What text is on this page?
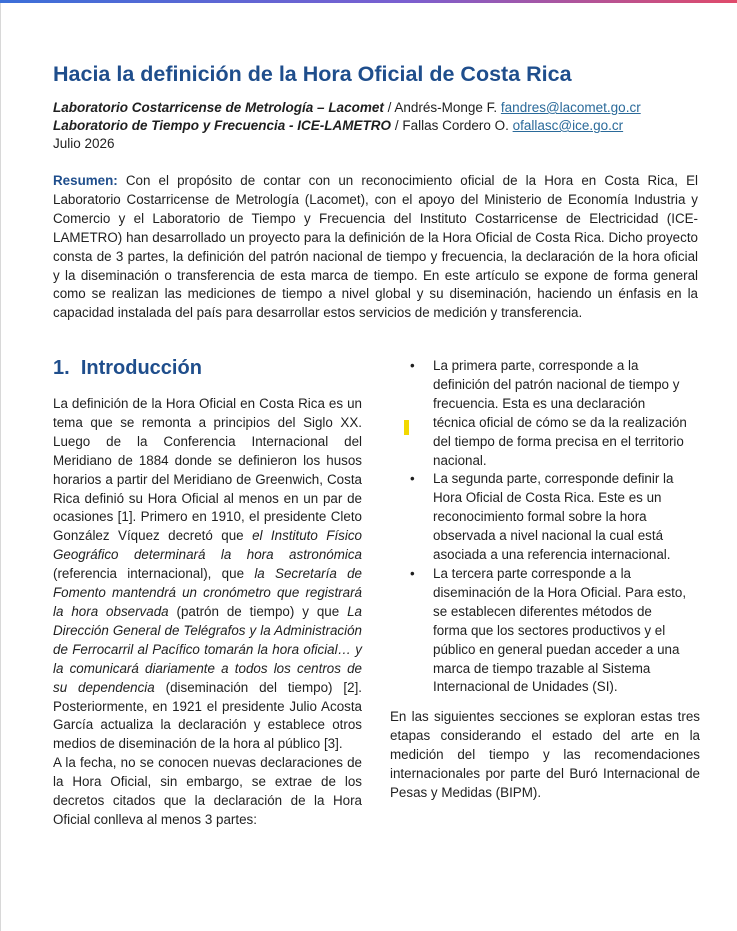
Hacia la definición de la Hora Oficial de Costa Rica
Laboratorio Costarricense de Metrología – Lacomet / Andrés-Monge F. fandres@lacomet.go.cr
Laboratorio de Tiempo y Frecuencia - ICE-LAMETRO / Fallas Cordero O. ofallasc@ice.go.cr
Julio 2026

Resumen: Con el propósito de contar con un reconocimiento oficial de la Hora en Costa Rica, El Laboratorio Costarricense de Metrología (Lacomet), con el apoyo del Ministerio de Economía Industria y Comercio y el Laboratorio de Tiempo y Frecuencia del Instituto Costarricense de Electricidad (ICE-LAMETRO) han desarrollado un proyecto para la definición de la Hora Oficial de Costa Rica. Dicho proyecto consta de 3 partes, la definición del patrón nacional de tiempo y frecuencia, la declaración de la hora oficial y la diseminación o transferencia de esta marca de tiempo. En este artículo se expone de forma general como se realizan las mediciones de tiempo a nivel global y su diseminación, haciendo un énfasis en la capacidad instalada del país para desarrollar estos servicios de medición y transferencia.

1. Introducción

La definición de la Hora Oficial en Costa Rica es un tema que se remonta a principios del Siglo XX. Luego de la Conferencia Internacional del Meridiano de 1884 donde se definieron los husos horarios a partir del Meridiano de Greenwich, Costa Rica definió su Hora Oficial al menos en un par de ocasiones [1]. Primero en 1910, el presidente Cleto González Víquez decretó que el Instituto Físico Geográfico determinará la hora astronómica (referencia internacional), que la Secretaría de Fomento mantendrá un cronómetro que registrará la hora observada (patrón de tiempo) y que La Dirección General de Telégrafos y la Administración de Ferrocarril al Pacífico tomarán la hora oficial… y la comunicará diariamente a todos los centros de su dependencia (diseminación del tiempo) [2]. Posteriormente, en 1921 el presidente Julio Acosta García actualiza la declaración y establece otros medios de diseminación de la hora al público [3].

A la fecha, no se conocen nuevas declaraciones de la Hora Oficial, sin embargo, se extrae de los decretos citados que la declaración de la Hora Oficial conlleva al menos 3 partes:

• La primera parte, corresponde a la definición del patrón nacional de tiempo y frecuencia. Esta es una declaración técnica oficial de cómo se da la realización del tiempo de forma precisa en el territorio nacional.
• La segunda parte, corresponde definir la Hora Oficial de Costa Rica. Este es un reconocimiento formal sobre la hora observada a nivel nacional la cual está asociada a una referencia internacional.
• La tercera parte corresponde a la diseminación de la Hora Oficial. Para esto, se establecen diferentes métodos de forma que los sectores productivos y el público en general puedan acceder a una marca de tiempo trazable al Sistema Internacional de Unidades (SI).

En las siguientes secciones se exploran estas tres etapas considerando el estado del arte en la medición del tiempo y las recomendaciones internacionales por parte del Buró Internacional de Pesas y Medidas (BIPM).
